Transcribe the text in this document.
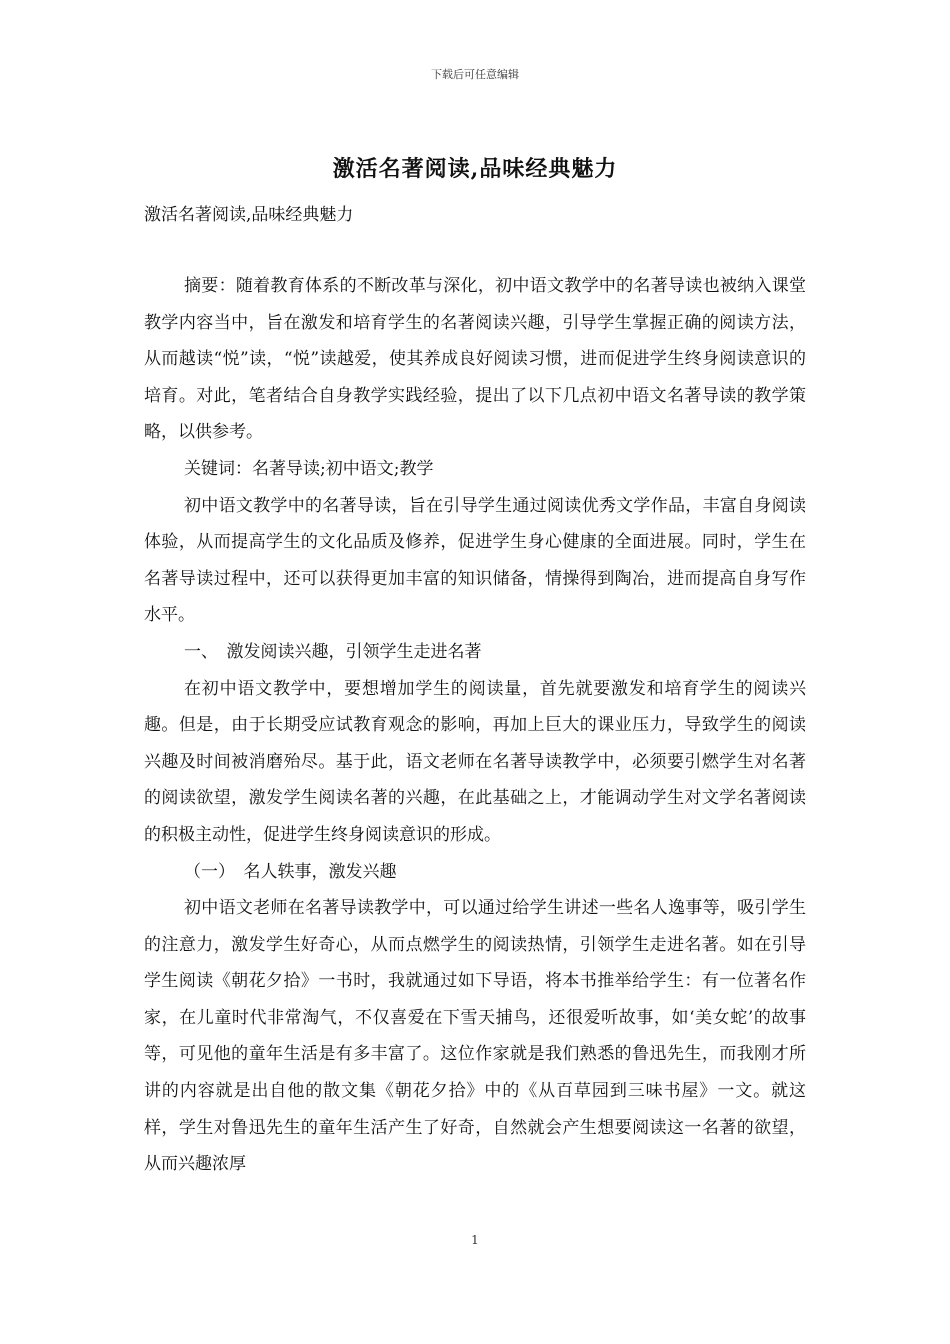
下载后可任意编辑
激活名著阅读,品味经典魅力
激活名著阅读,品味经典魅力

摘要：随着教育体系的不断改革与深化，初中语文教学中的名著导读也被纳入课堂教学内容当中，旨在激发和培育学生的名著阅读兴趣，引导学生掌握正确的阅读方法，从而越读“悦”读，“悦”读越爱，使其养成良好阅读习惯，进而促进学生终身阅读意识的培育。对此，笔者结合自身教学实践经验，提出了以下几点初中语文名著导读的教学策略，以供参考。

关键词：名著导读;初中语文;教学

初中语文教学中的名著导读，旨在引导学生通过阅读优秀文学作品，丰富自身阅读体验，从而提高学生的文化品质及修养，促进学生身心健康的全面进展。同时，学生在名著导读过程中，还可以获得更加丰富的知识储备，情操得到陶冶，进而提高自身写作水平。

一、　激发阅读兴趣，引领学生走进名著

在初中语文教学中，要想增加学生的阅读量，首先就要激发和培育学生的阅读兴趣。但是，由于长期受应试教育观念的影响，再加上巨大的课业压力，导致学生的阅读兴趣及时间被消磨殆尽。基于此，语文老师在名著导读教学中，必须要引燃学生对名著的阅读欲望，激发学生阅读名著的兴趣，在此基础之上，才能调动学生对文学名著阅读的积极主动性，促进学生终身阅读意识的形成。

（一）　名人轶事，激发兴趣

初中语文老师在名著导读教学中，可以通过给学生讲述一些名人逸事等，吸引学生的注意力，激发学生好奇心，从而点燃学生的阅读热情，引领学生走进名著。如在引导学生阅读《朝花夕拾》一书时，我就通过如下导语，将本书推举给学生：有一位著名作家，在儿童时代非常淘气，不仅喜爱在下雪天捕鸟，还很爱听故事，如‘美女蛇’的故事等，可见他的童年生活是有多丰富了。这位作家就是我们熟悉的鲁迅先生，而我刚才所讲的内容就是出自他的散文集《朝花夕拾》中的《从百草园到三味书屋》一文。就这样，学生对鲁迅先生的童年生活产生了好奇，自然就会产生想要阅读这一名著的欲望，从而兴趣浓厚

1
